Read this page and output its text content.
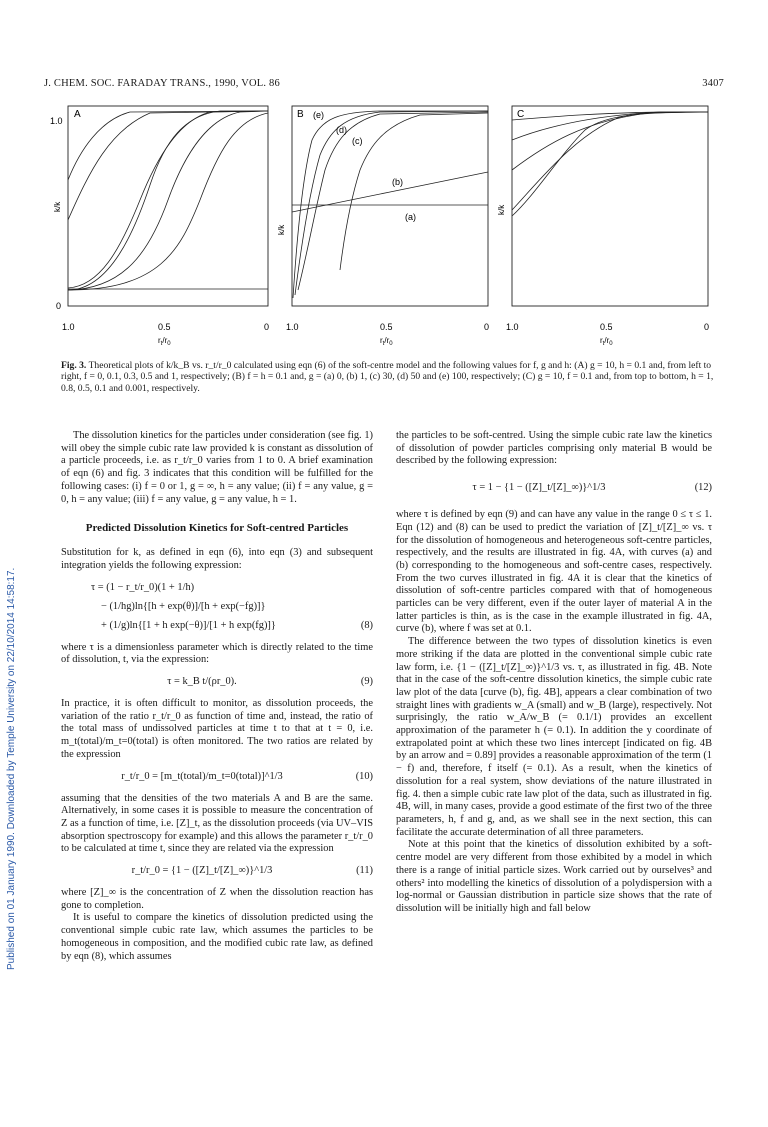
J. CHEM. SOC. FARADAY TRANS., 1990, VOL. 86	3407
Published on 01 January 1990. Downloaded by Temple University on 22/10/2014 14:58:17.
(e)
(d)
(c)
(b)
(a)
A	B	C
1.0
0
k/k
k/k
k/k
1.0	0.5	0 1.0	0.5	0 1.0	0.5	0
$r_t/r_0$	$r_t/r_0$	$r_t/r_0$
Fig. 3. Theoretical plots of k/k_B vs. r_t/r_0 calculated using eqn (6) of the soft-centre model and the following values for f, g and h: (A) g = 10, h = 0.1 and, from left to right, f = 0, 0.1, 0.3, 0.5 and 1, respectively; (B) f = h = 0.1 and, g = (a) 0, (b) 1, (c) 30, (d) 50 and (e) 100, respectively; (C) g = 10, f = 0.1 and, from top to bottom, h = 1, 0.8, 0.5, 0.1 and 0.001, respectively.

The dissolution kinetics for the particles under consideration (see fig. 1) will obey the simple cubic rate law provided k is constant as dissolution of a particle proceeds, i.e. as r_t/r_0 varies from 1 to 0. A brief examination of eqn (6) and fig. 3 indicates that this condition will be fulfilled for the following cases: (i) f = 0 or 1, g = ∞, h = any value; (ii) f = any value, g = 0, h = any value; (iii) f = any value, g = any value, h = 1.

Predicted Dissolution Kinetics for Soft-centred Particles

Substitution for k, as defined in eqn (6), into eqn (3) and subsequent integration yields the following expression:

τ = (1 − r_t/r_0)(1 + 1/h)
− (1/hg)ln{[h + exp(θ)]/[h + exp(−fg)]}
+ (1/g)ln{[1 + h exp(−θ)]/[1 + h exp(fg)]}	(8)

where τ is a dimensionless parameter which is directly related to the time of dissolution, t, via the expression:

τ = k_B t/(ρr_0).	(9)

In practice, it is often difficult to monitor, as dissolution proceeds, the variation of the ratio r_t/r_0 as function of time and, instead, the ratio of the total mass of undissolved particles at time t to that at t = 0, i.e. m_t(total)/m_t=0(total) is often monitored. The two ratios are related by the expression

r_t/r_0 = [m_t(total)/m_t=0(total)]^1/3	(10)

assuming that the densities of the two materials A and B are the same. Alternatively, in some cases it is possible to measure the concentration of Z as a function of time, i.e. [Z]_t, as the dissolution proceeds (via UV–VIS absorption spectroscopy for example) and this allows the parameter r_t/r_0 to be calculated at time t, since they are related via the expression

r_t/r_0 = {1 − ([Z]_t/[Z]_∞)}^1/3	(11)

where [Z]_∞ is the concentration of Z when the dissolution reaction has gone to completion.

It is useful to compare the kinetics of dissolution predicted using the conventional simple cubic rate law, which assumes the particles to be homogeneous in composition, and the modified cubic rate law, as defined by eqn (8), which assumes

the particles to be soft-centred. Using the simple cubic rate law the kinetics of dissolution of powder particles comprising only material B would be described by the following expression:

τ = 1 − {1 − ([Z]_t/[Z]_∞)}^1/3	(12)

where τ is defined by eqn (9) and can have any value in the range 0 ≤ τ ≤ 1. Eqn (12) and (8) can be used to predict the variation of [Z]_t/[Z]_∞ vs. τ for the dissolution of homogeneous and heterogeneous soft-centre particles, respectively, and the results are illustrated in fig. 4A, with curves (a) and (b) corresponding to the homogeneous and soft-centre cases, respectively. From the two curves illustrated in fig. 4A it is clear that the kinetics of dissolution of soft-centre particles compared with that of homogeneous particles can be very different, even if the outer layer of material A in the latter particles is thin, as is the case in the example illustrated in fig. 4A, curve (b), where f was set at 0.1.

The difference between the two types of dissolution kinetics is even more striking if the data are plotted in the conventional simple cubic rate law form, i.e. {1 − ([Z]_t/[Z]_∞)}^1/3 vs. τ, as illustrated in fig. 4B. Note that in the case of the soft-centre dissolution kinetics, the simple cubic rate law plot of the data [curve (b), fig. 4B], appears a clear combination of two straight lines with gradients w_A (small) and w_B (large), respectively. Not surprisingly, the ratio w_A/w_B (= 0.1/1) provides an excellent approximation of the parameter h (= 0.1). In addition the y coordinate of extrapolated point at which these two lines intercept [indicated on fig. 4B by an arrow and = 0.89] provides a reasonable approximation of the term (1 − f) and, therefore, f itself (= 0.1). As a result, when the kinetics of dissolution for a real system, show deviations of the nature illustrated in fig. 4. then a simple cubic rate law plot of the data, such as illustrated in fig. 4B, will, in many cases, provide a good estimate of the first two of the three parameters, h, f and g, and, as we shall see in the next section, this can facilitate the accurate determination of all three parameters.

Note at this point that the kinetics of dissolution exhibited by a soft-centre model are very different from those exhibited by a model in which there is a range of initial particle sizes. Work carried out by ourselves³ and others² into modelling the kinetics of dissolution of a polydispersion with a log-normal or Gaussian distribution in particle size shows that the rate of dissolution will be initially high and fall below
